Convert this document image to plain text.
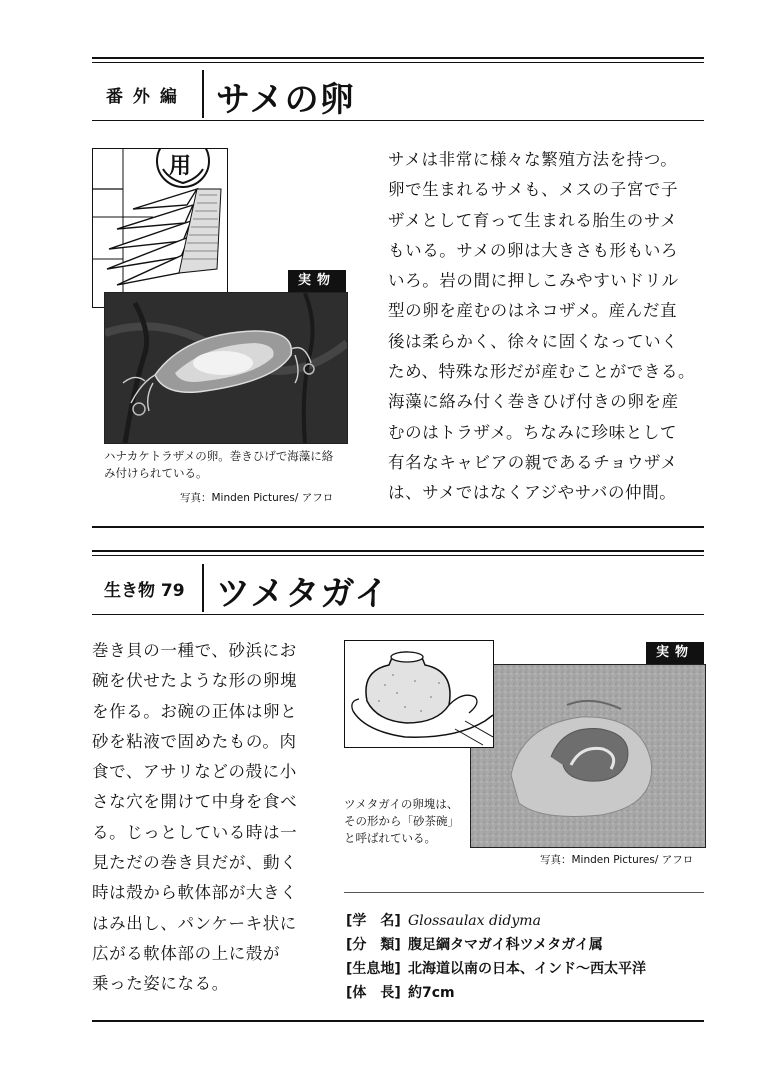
番 外 編 サメの卵
用
実物
ハナカケトラザメの卵。巻きひげで海藻に絡
み付けられている。
写真：Minden Pictures/ アフロ
サメは非常に様々な繁殖方法を持つ。
卵で生まれるサメも、メスの子宮で子
ザメとして育って生まれる胎生のサメ
もいる。サメの卵は大きさも形もいろ
いろ。岩の間に押しこみやすいドリル
型の卵を産むのはネコザメ。産んだ直
後は柔らかく、徐々に固くなっていく
ため、特殊な形だが産むことができる。
海藻に絡み付く巻きひげ付きの卵を産
むのはトラザメ。ちなみに珍味として
有名なキャビアの親であるチョウザメ
は、サメではなくアジやサバの仲間。
生き物 79 ツメタガイ
巻き貝の一種で、砂浜にお
碗を伏せたような形の卵塊
を作る。お碗の正体は卵と
砂を粘液で固めたもの。肉
食で、アサリなどの殻に小
さな穴を開けて中身を食べ
る。じっとしている時は一
見ただの巻き貝だが、動く
時は殻から軟体部が大きく
はみ出し、パンケーキ状に
広がる軟体部の上に殻が
乗った姿になる。
実物
ツメタガイの卵塊は、
その形から「砂茶碗」
と呼ばれている。
写真：Minden Pictures/ アフロ
[学　名] Glossaulax didyma
[分　類] 腹足綱タマガイ科ツメタガイ属
[生息地] 北海道以南の日本、インド〜西太平洋
[体　長] 約7cm
